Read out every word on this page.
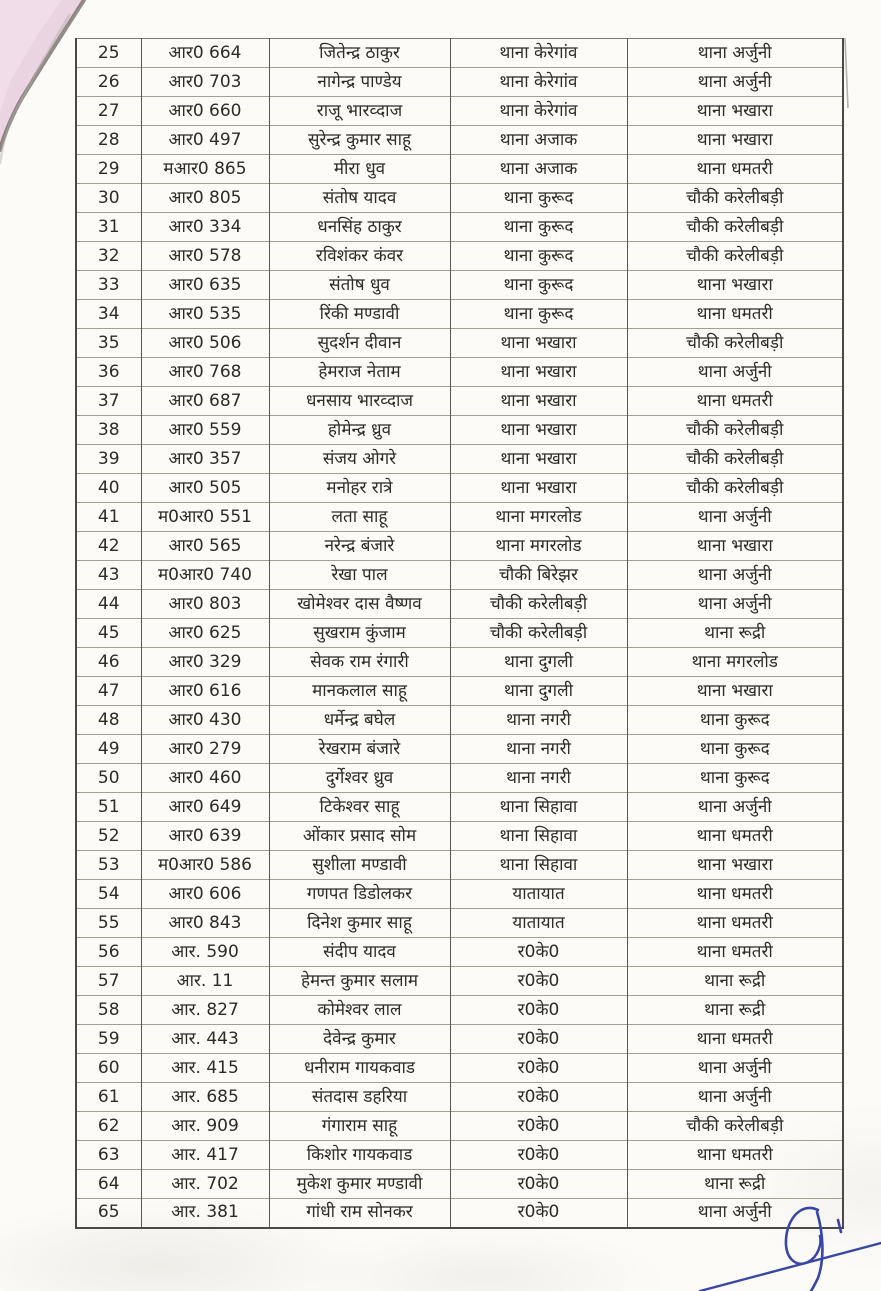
25	आर0 664	जितेन्द्र ठाकुर	थाना केरेगांव	थाना अर्जुनी
26	आर0 703	नागेन्द्र पाण्डेय	थाना केरेगांव	थाना अर्जुनी
27	आर0 660	राजू भारव्दाज	थाना केरेगांव	थाना भखारा
28	आर0 497	सुरेन्द्र कुमार साहू	थाना अजाक	थाना भखारा
29	मआर0 865	मीरा धुव	थाना अजाक	थाना धमतरी
30	आर0 805	संतोष यादव	थाना कुरूद	चौकी करेलीबड़ी
31	आर0 334	धनसिंह ठाकुर	थाना कुरूद	चौकी करेलीबड़ी
32	आर0 578	रविशंकर कंवर	थाना कुरूद	चौकी करेलीबड़ी
33	आर0 635	संतोष धुव	थाना कुरूद	थाना भखारा
34	आर0 535	रिंकी मण्डावी	थाना कुरूद	थाना धमतरी
35	आर0 506	सुदर्शन दीवान	थाना भखारा	चौकी करेलीबड़ी
36	आर0 768	हेमराज नेताम	थाना भखारा	थाना अर्जुनी
37	आर0 687	धनसाय भारव्दाज	थाना भखारा	थाना धमतरी
38	आर0 559	होमेन्द्र ध्रुव	थाना भखारा	चौकी करेलीबड़ी
39	आर0 357	संजय ओगरे	थाना भखारा	चौकी करेलीबड़ी
40	आर0 505	मनोहर रात्रे	थाना भखारा	चौकी करेलीबड़ी
41	म0आर0 551	लता साहू	थाना मगरलोड	थाना अर्जुनी
42	आर0 565	नरेन्द्र बंजारे	थाना मगरलोड	थाना भखारा
43	म0आर0 740	रेखा पाल	चौकी बिरेझर	थाना अर्जुनी
44	आर0 803	खोमेश्वर दास वैष्णव	चौकी करेलीबड़ी	थाना अर्जुनी
45	आर0 625	सुखराम कुंजाम	चौकी करेलीबड़ी	थाना रूद्री
46	आर0 329	सेवक राम रंगारी	थाना दुगली	थाना मगरलोड
47	आर0 616	मानकलाल साहू	थाना दुगली	थाना भखारा
48	आर0 430	धर्मेन्द्र बघेल	थाना नगरी	थाना कुरूद
49	आर0 279	रेखराम बंजारे	थाना नगरी	थाना कुरूद
50	आर0 460	दुर्गेश्वर ध्रुव	थाना नगरी	थाना कुरूद
51	आर0 649	टिकेश्वर साहू	थाना सिहावा	थाना अर्जुनी
52	आर0 639	ओंकार प्रसाद सोम	थाना सिहावा	थाना धमतरी
53	म0आर0 586	सुशीला मण्डावी	थाना सिहावा	थाना भखारा
54	आर0 606	गणपत डिडोलकर	यातायात	थाना धमतरी
55	आर0 843	दिनेश कुमार साहू	यातायात	थाना धमतरी
56	आर. 590	संदीप यादव	र0के0	थाना धमतरी
57	आर. 11	हेमन्त कुमार सलाम	र0के0	थाना रूद्री
58	आर. 827	कोमेश्वर लाल	र0के0	थाना रूद्री
59	आर. 443	देवेन्द्र कुमार	र0के0	थाना धमतरी
60	आर. 415	धनीराम गायकवाड	र0के0	थाना अर्जुनी
61	आर. 685	संतदास डहरिया	र0के0	थाना अर्जुनी
62	आर. 909	गंगाराम साहू	र0के0	चौकी करेलीबड़ी
63	आर. 417	किशोर गायकवाड	र0के0	थाना धमतरी
64	आर. 702	मुकेश कुमार मण्डावी	र0के0	थाना रूद्री
65	आर. 381	गांधी राम सोनकर	र0के0	थाना अर्जुनी
